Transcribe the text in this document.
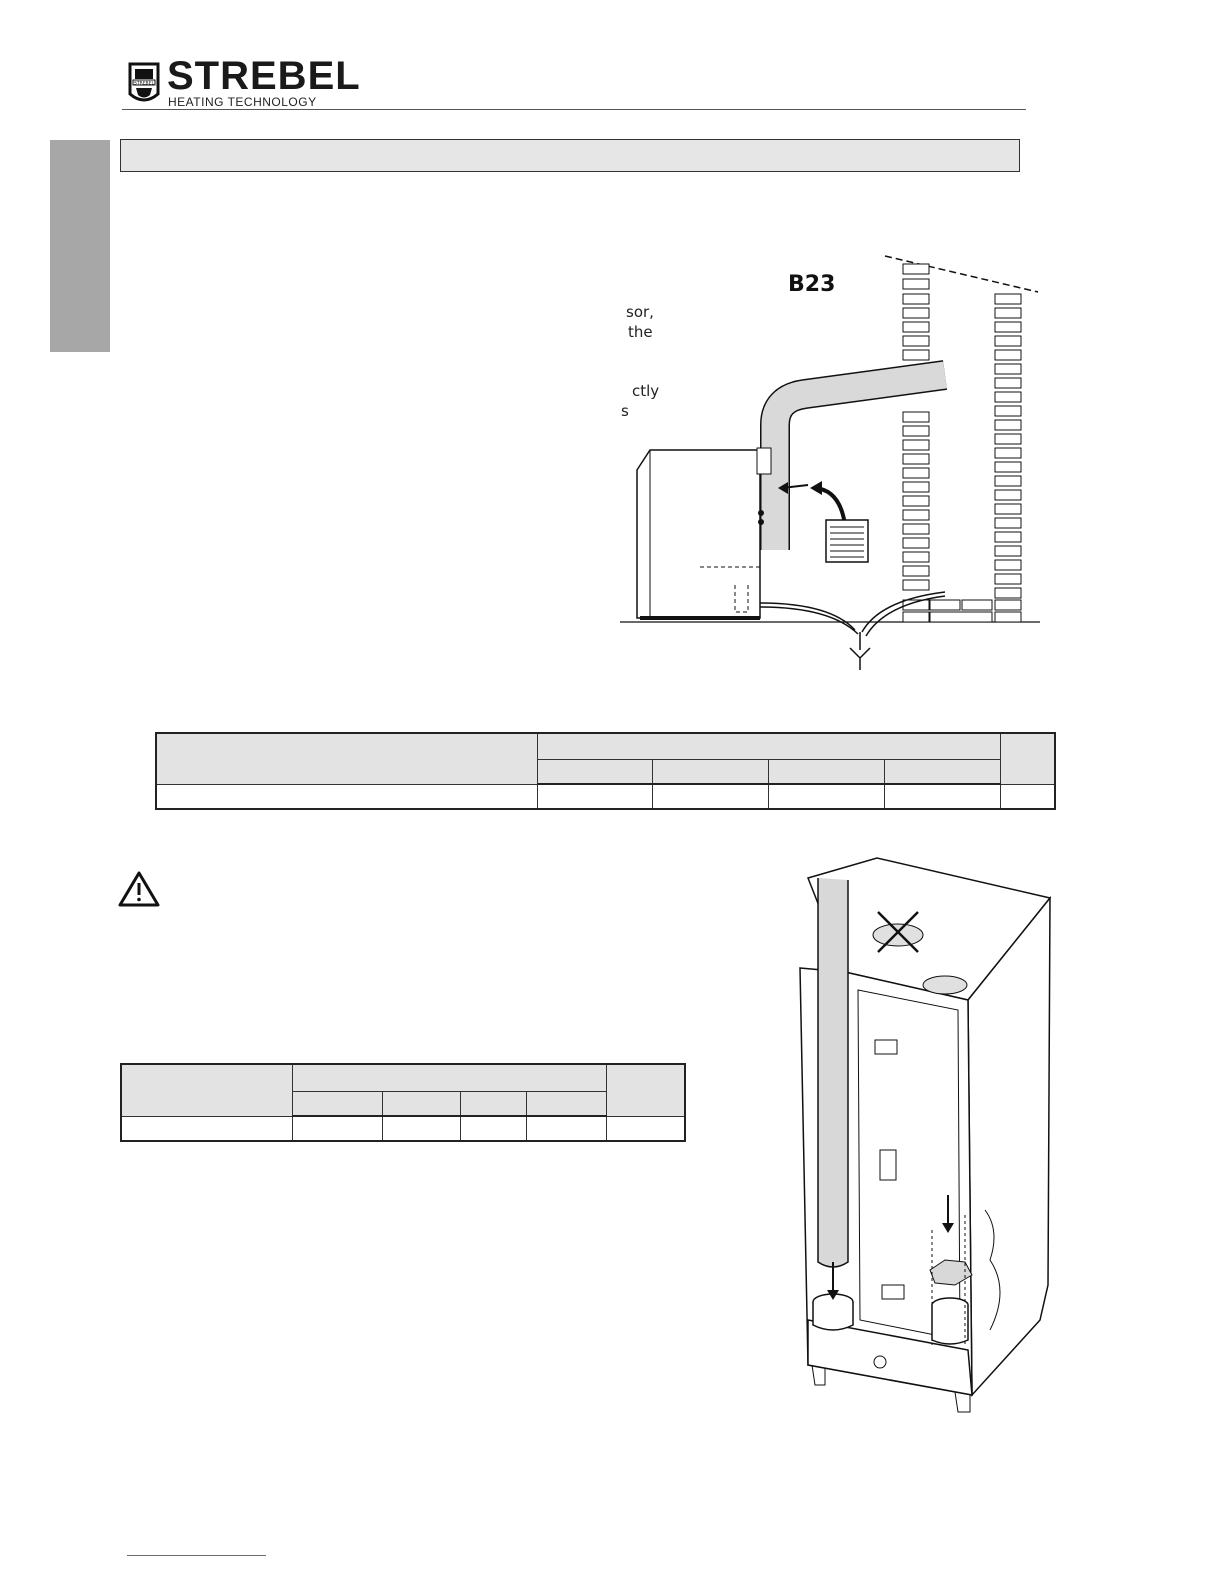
STREBEL STREBEL
HEATING TECHNOLOGY
sor,
the
ctly
s
B23
